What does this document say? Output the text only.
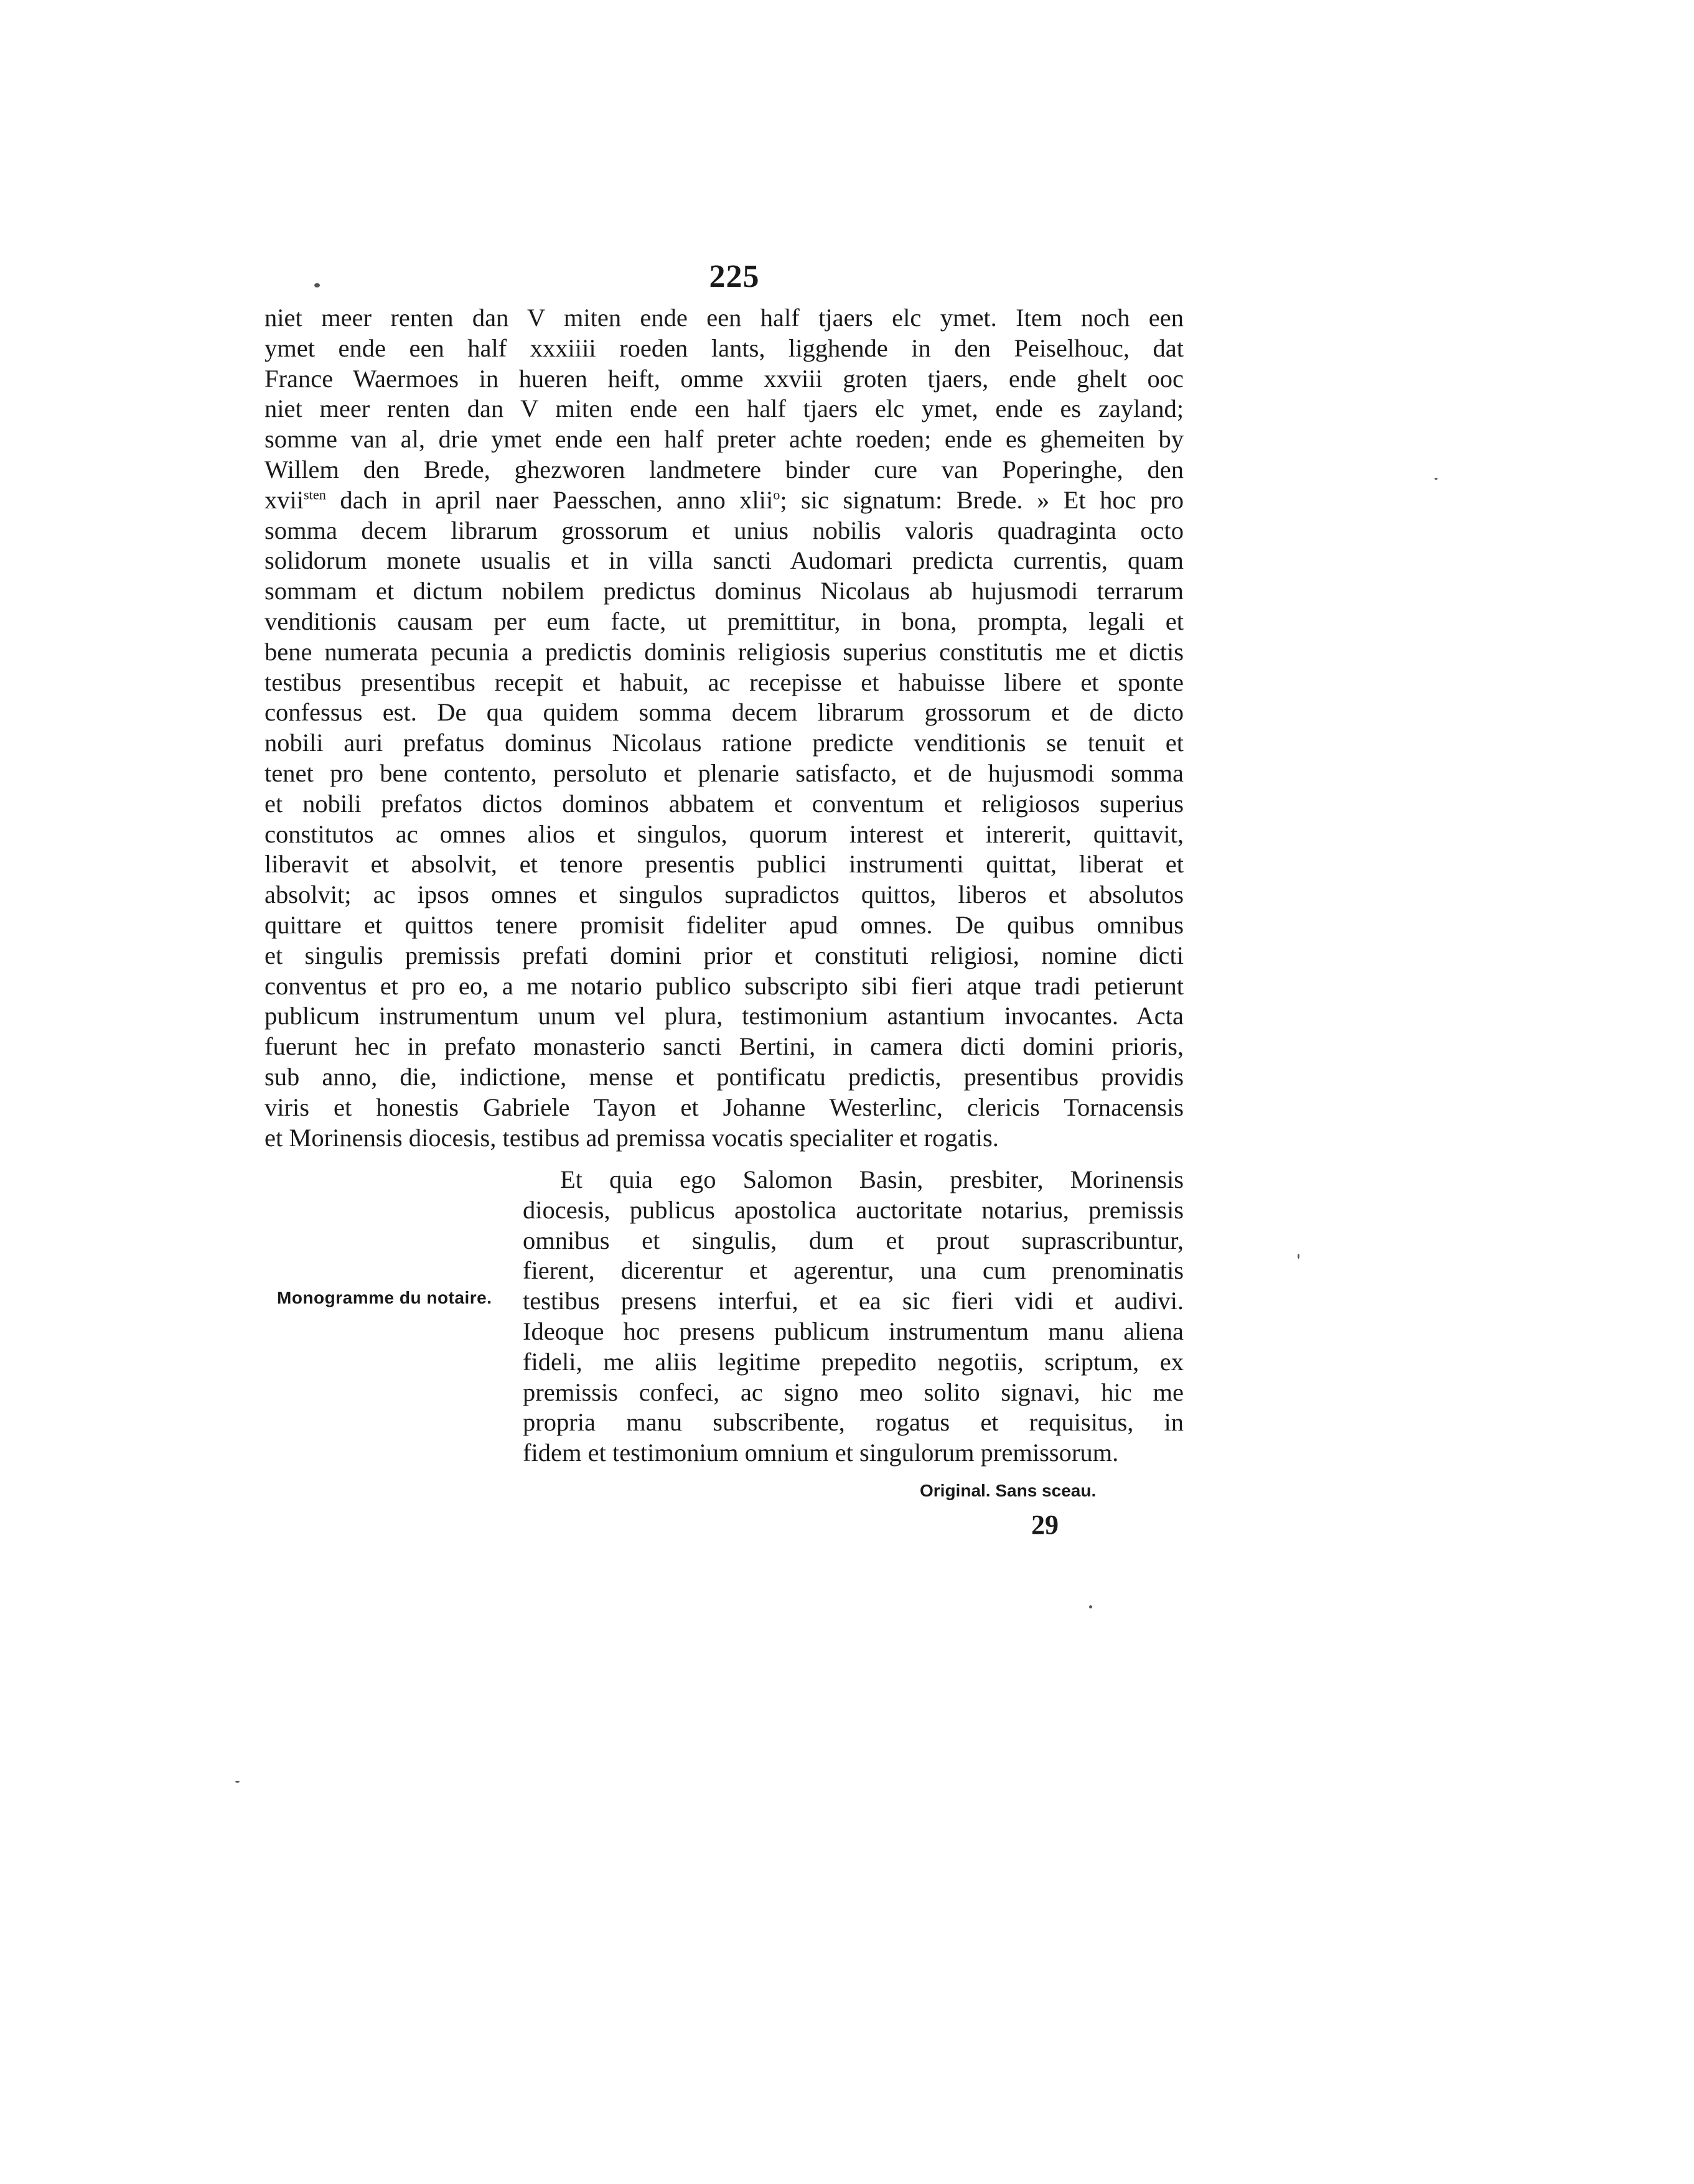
225
niet meer renten dan V miten ende een half tjaers elc ymet. Item noch een
ymet ende een half xxxiiii roeden lants, ligghende in den Peiselhouc, dat
France Waermoes in hueren heift, omme xxviii groten tjaers, ende ghelt ooc
niet meer renten dan V miten ende een half tjaers elc ymet, ende es zayland;
somme van al, drie ymet ende een half preter achte roeden; ende es ghemeiten by
Willem den Brede, ghezworen landmetere binder cure van Poperinghe, den
xvii$^{sten}$ dach in april naer Paesschen, anno xlii$^o$; sic signatum: Brede. » Et hoc pro
somma decem librarum grossorum et unius nobilis valoris quadraginta octo
solidorum monete usualis et in villa sancti Audomari predicta currentis, quam
sommam et dictum nobilem predictus dominus Nicolaus ab hujusmodi terrarum
venditionis causam per eum facte, ut premittitur, in bona, prompta, legali et
bene numerata pecunia a predictis dominis religiosis superius constitutis me et dictis
testibus presentibus recepit et habuit, ac recepisse et habuisse libere et sponte
confessus est. De qua quidem somma decem librarum grossorum et de dicto
nobili auri prefatus dominus Nicolaus ratione predicte venditionis se tenuit et
tenet pro bene contento, persoluto et plenarie satisfacto, et de hujusmodi somma
et nobili prefatos dictos dominos abbatem et conventum et religiosos superius
constitutos ac omnes alios et singulos, quorum interest et intererit, quittavit,
liberavit et absolvit, et tenore presentis publici instrumenti quittat, liberat et
absolvit; ac ipsos omnes et singulos supradictos quittos, liberos et absolutos
quittare et quittos tenere promisit fideliter apud omnes. De quibus omnibus
et singulis premissis prefati domini prior et constituti religiosi, nomine dicti
conventus et pro eo, a me notario publico subscripto sibi fieri atque tradi petierunt
publicum instrumentum unum vel plura, testimonium astantium invocantes. Acta
fuerunt hec in prefato monasterio sancti Bertini, in camera dicti domini prioris,
sub anno, die, indictione, mense et pontificatu predictis, presentibus providis
viris et honestis Gabriele Tayon et Johanne Westerlinc, clericis Tornacensis
et Morinensis diocesis, testibus ad premissa vocatis specialiter et rogatis.
Et quia ego Salomon Basin, presbiter, Morinensis
diocesis, publicus apostolica auctoritate notarius, premissis
omnibus et singulis, dum et prout suprascribuntur,
fierent, dicerentur et agerentur, una cum prenominatis
testibus presens interfui, et ea sic fieri vidi et audivi.
Ideoque hoc presens publicum instrumentum manu aliena
fideli, me aliis legitime prepedito negotiis, scriptum, ex
premissis confeci, ac signo meo solito signavi, hic me
propria manu subscribente, rogatus et requisitus, in
fidem et testimonium omnium et singulorum premissorum.
Monogramme du notaire.
Original. Sans sceau.
29
